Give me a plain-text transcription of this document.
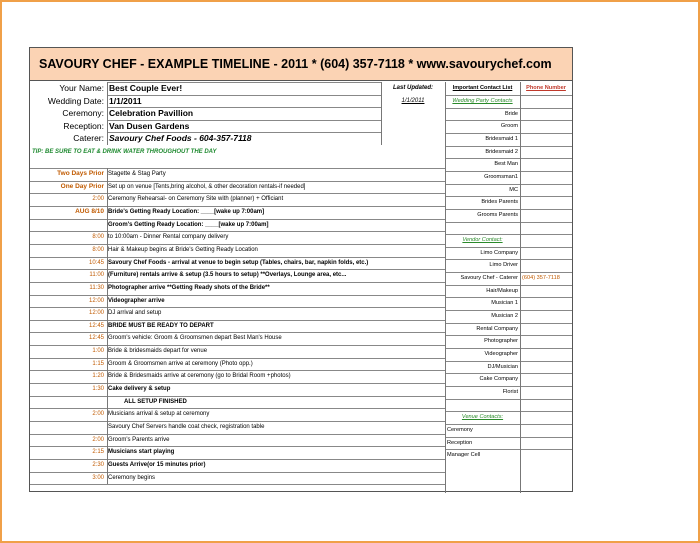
SAVOURY CHEF - EXAMPLE TIMELINE - 2011 * (604) 357-7118 * www.savourychef.com
Your Name: Best Couple Ever!
Wedding Date: 1/1/2011
Ceremony: Celebration Pavillion
Reception: Van Dusen Gardens
Caterer: Savoury Chef Foods - 604-357-7118
Last Updated:
1/1/2011
TIP: BE SURE TO EAT & DRINK WATER THROUGHOUT THE DAY
Two Days Prior Stagette & Stag Party
One Day Prior Set up on venue [Tents,bring alcohol, & other decoration rentals-if needed]
2:00 Ceremony Rehearsal- on Ceremony Site with (planner) + Officiant
AUG 8/10 Bride's Getting Ready Location: ____[wake up 7:00am]
Groom's Getting Ready Location: ____[wake up 7:00am]
8:00 to 10:00am - Dinner Rental company delivery
8:00 Hair & Makeup begins at Bride's Getting Ready Location
10:45 Savoury Chef Foods - arrival at venue to begin setup (Tables, chairs, bar, napkin folds, etc.)
11:00 (Furniture) rentals arrive & setup (3.5 hours to setup) **Overlays, Lounge area, etc...
11:30 Photographer arrive **Getting Ready shots of the Bride**
12:00 Videographer arrive
12:00 DJ arrival and setup
12:45 BRIDE MUST BE READY TO DEPART
12:45 Groom's vehicle: Groom & Groomsmen depart Best Man's House
1:00 Bride & bridesmaids depart for venue
1:15 Groom & Groomsmen arrive at ceremony (Photo opp.)
1:20 Bride & Bridesmaids arrive at ceremony (go to Bridal Room +photos)
1:30 Cake delivery & setup
ALL SETUP FINISHED
2:00 Musicians arrival & setup at ceremony
Savoury Chef Servers handle coat check, registration table
2:00 Groom's Parents arrive
2:15 Musicians start playing
2:30 Guests Arrive(or 15 minutes prior)
3:00 Ceremony begins
Important Contact List	Phone Number
Wedding Party Contacts
Bride
Groom
Bridesmaid 1
Bridesmaid 2
Best Man
Groomsman1
MC
Brides Parents
Grooms Parents
Vendor Contact:
Limo Company
Limo Driver
Savoury Chef - Caterer (604) 357-7118
Hair/Makeup
Musician 1
Musician 2
Rental Company
Photographer
Videographer
DJ/Musician
Cake Company
Florist
Venue Contacts:
Ceremony
Reception
Manager Cell
